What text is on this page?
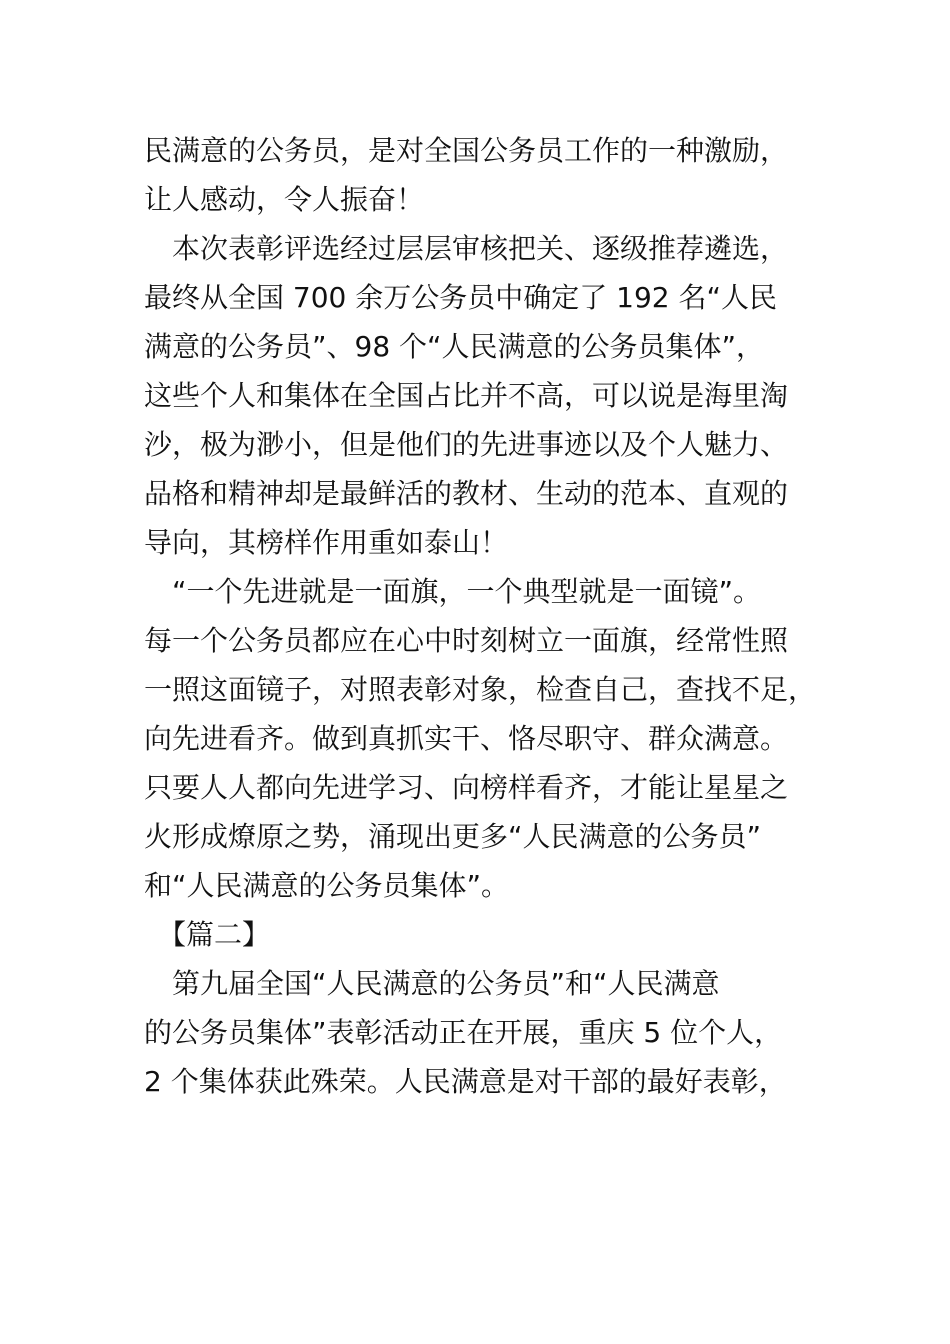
民满意的公务员，是对全国公务员工作的一种激励，
让人感动，令人振奋！
　本次表彰评选经过层层审核把关、逐级推荐遴选，
最终从全国 700 余万公务员中确定了 192 名“人民
满意的公务员”、98 个“人民满意的公务员集体”，
这些个人和集体在全国占比并不高，可以说是海里淘
沙，极为渺小，但是他们的先进事迹以及个人魅力、
品格和精神却是最鲜活的教材、生动的范本、直观的
导向，其榜样作用重如泰山！
　“一个先进就是一面旗，一个典型就是一面镜”。
每一个公务员都应在心中时刻树立一面旗，经常性照
一照这面镜子，对照表彰对象，检查自己，查找不足，
向先进看齐。做到真抓实干、恪尽职守、群众满意。
只要人人都向先进学习、向榜样看齐，才能让星星之
火形成燎原之势，涌现出更多“人民满意的公务员”
和“人民满意的公务员集体”。
　【篇二】
　第九届全国“人民满意的公务员”和“人民满意
的公务员集体”表彰活动正在开展，重庆 5 位个人，
2 个集体获此殊荣。人民满意是对干部的最好表彰，
